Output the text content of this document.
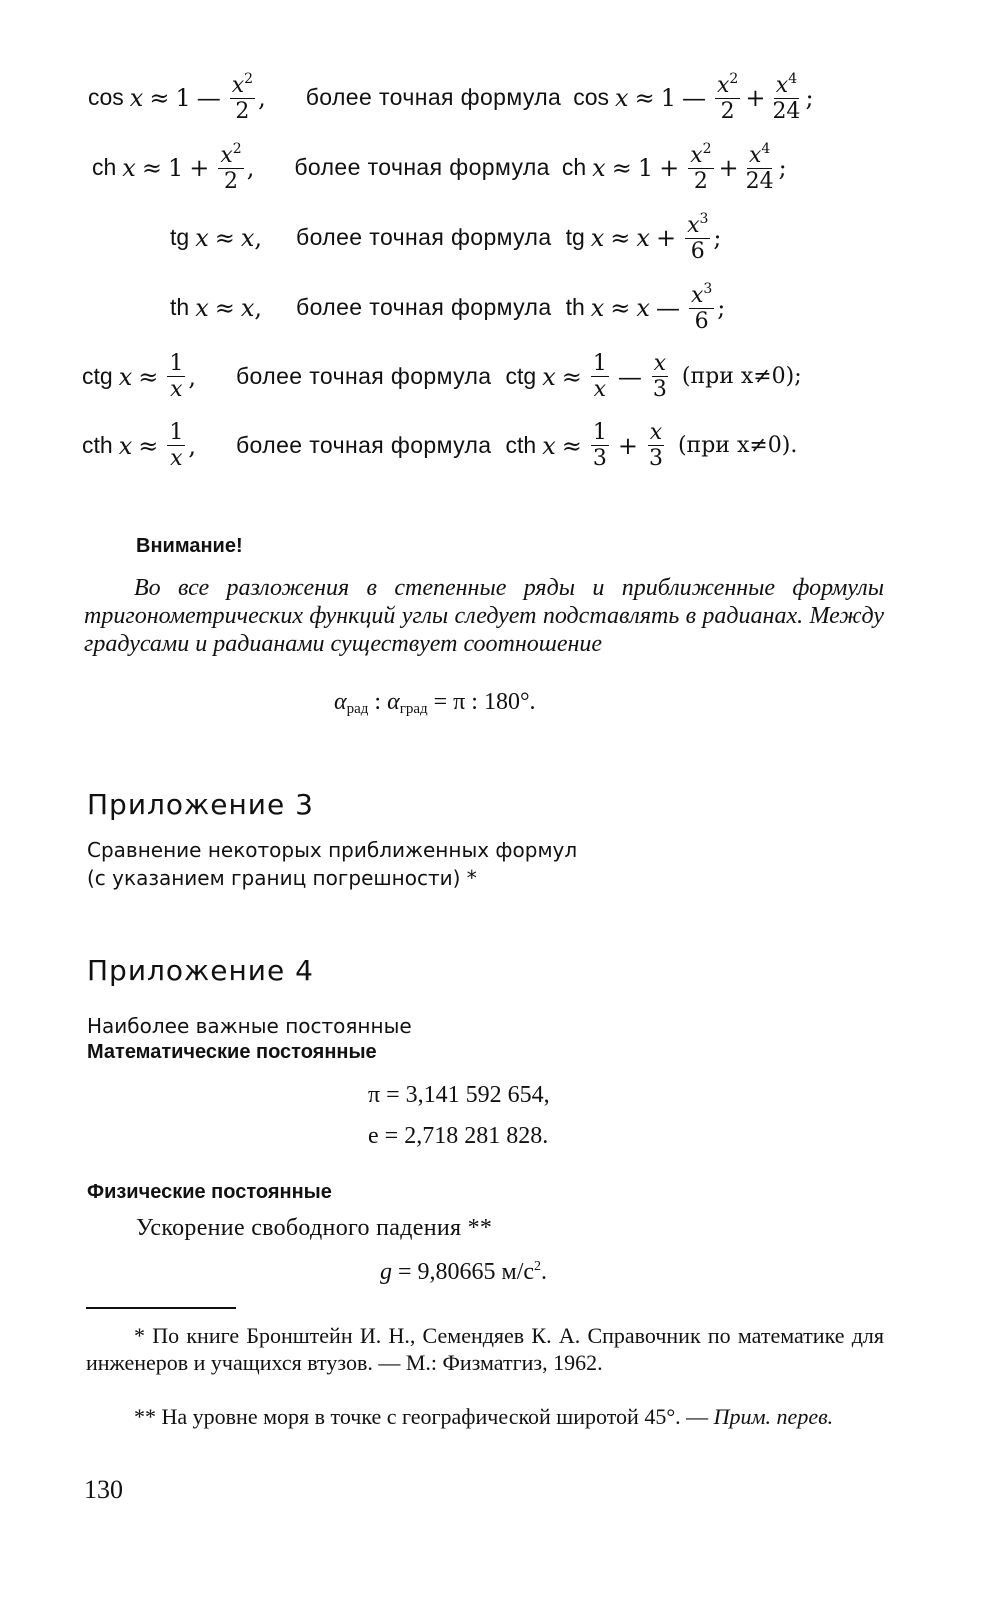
cos x ≈ 1 — $\frac{x^2}{2}$ , более точная формула cos x ≈ 1 — $\frac{x^2}{2} + \frac{x^4}{24}$ ;
ch $x \approx 1 + \frac{x^2}{2}$ , более точная формула ch $x \approx 1 + \frac{x^2}{2} + \frac{x^4}{24}$ ;
tg x ≈ x , более точная формула tg $x \approx x + \frac{x^3}{6}$ ;
th x ≈ x , более точная формула th x ≈ x — $\frac{x^3}{6}$ ;
ctg $x \approx \frac{1}{x}$ , более точная формула ctg $x \approx \frac{1}{x}$ — $\frac{x}{3} (при$ x≠0);
cth $x \approx \frac{1}{x}$ , более точная формула cth $x \approx \frac{1}{3} + \frac{x}{3} (при$ x≠0).
Внимание!
Во все разложения в степенные ряды и приближенные формулы тригонометрических функций углы следует подставлять в радианах. Между градусами и радианами существует соотношение
$\alpha_{рад}$ : $\alpha_{град} = \pi$ : 180°.
Приложение 3
Сравнение некоторых приближенных формул
(с указанием границ погрешности) *
Приложение 4
Наиболее важные постоянные
Математические постоянные
π = 3,141 592 654,
e = 2,718 281 828.
Физические постоянные
Ускорение свободного падения **
g = 9,80665 $м/с^2$.
* По книге Бронштейн И. Н., Семендяев К. А. Справочник по математике для инженеров и учащихся втузов. — М.: Физматгиз, 1962.
** На уровне моря в точке с географической широтой 45°. — Прим. перев.
130
